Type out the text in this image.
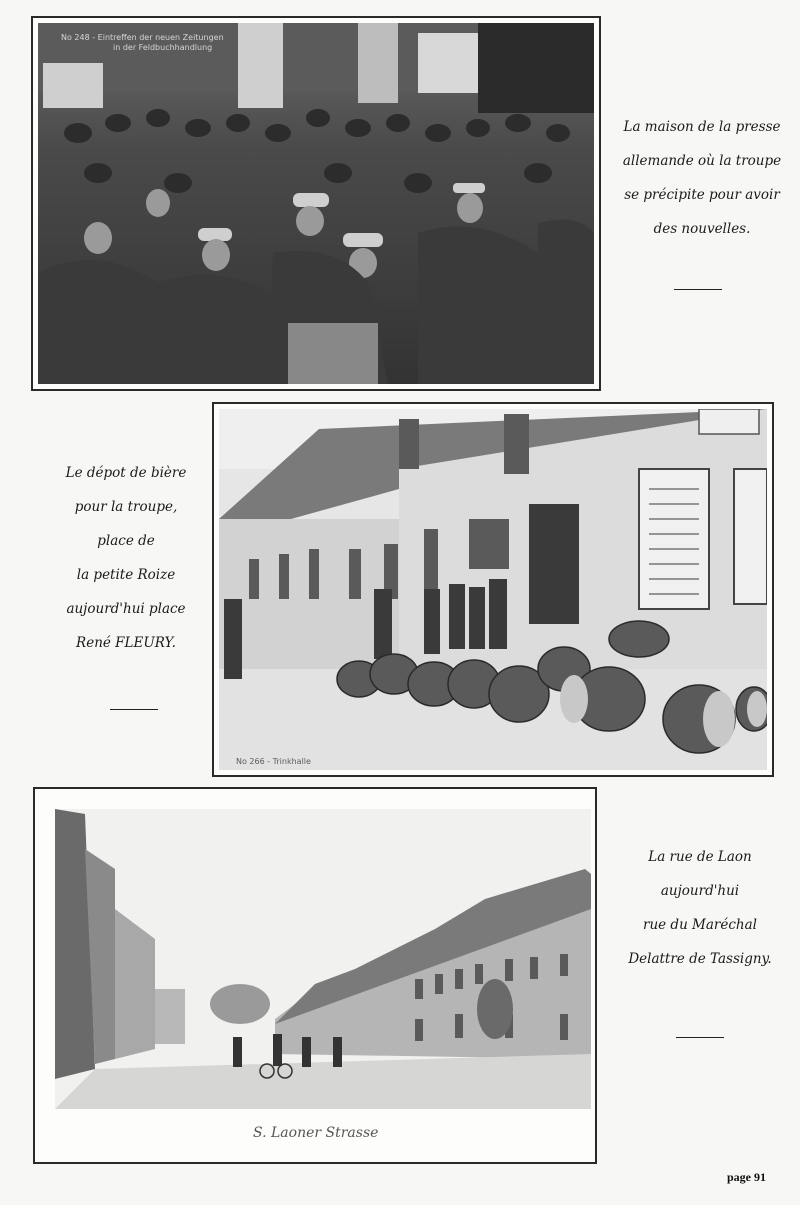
No 248 - Eintreffen der neuen Zeitungen
in der Feldbuchhandlung
La maison de la presse
allemande où la troupe
se précipite pour avoir
des nouvelles.
No 266 - Trinkhalle
Le dépot de bière
pour la troupe,
place de
la petite Roize
aujourd'hui place
René FLEURY.
S. Laoner Strasse
La rue de Laon
aujourd'hui
rue du Maréchal
Delattre de Tassigny.
page 91
